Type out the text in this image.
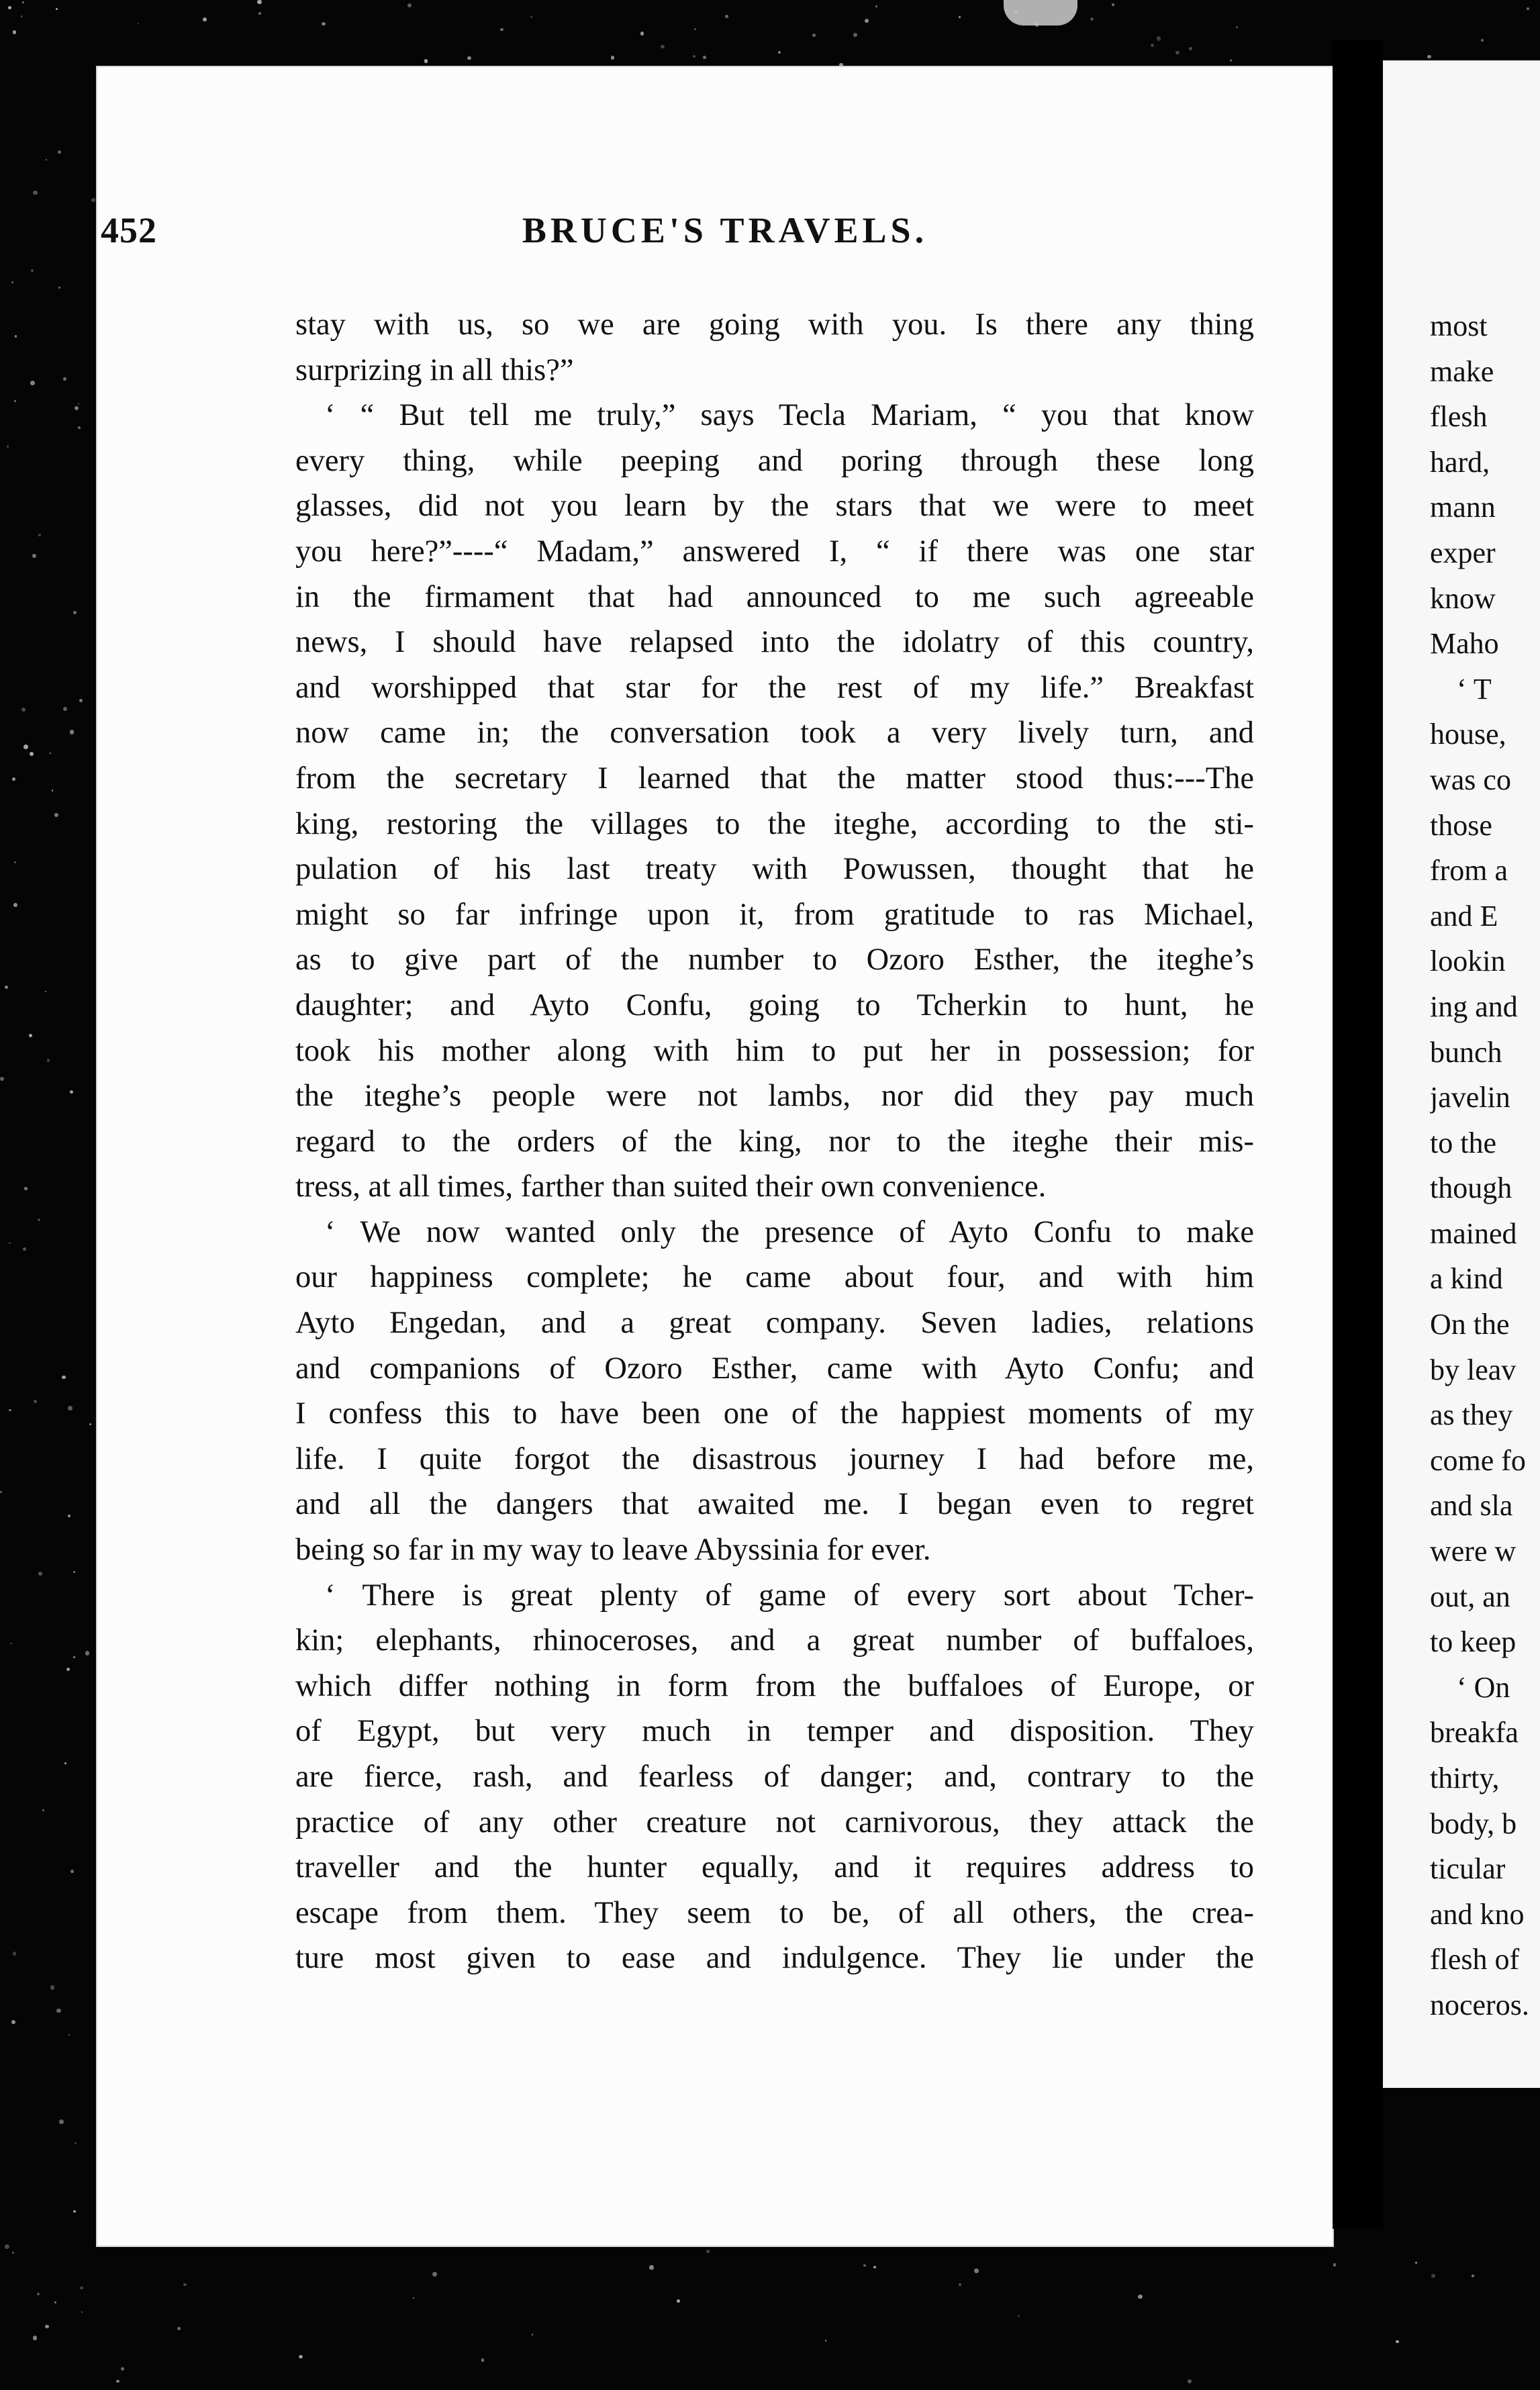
452	BRUCE'S TRAVELS.
stay with us, so we are going with you. Is there any thing
surprizing in all this?”
‘ “ But tell me truly,” says Tecla Mariam, “ you that know
every thing, while peeping and poring through these long
glasses, did not you learn by the stars that we were to meet
you here?”----“ Madam,” answered I, “ if there was one star
in the firmament that had announced to me such agreeable
news, I should have relapsed into the idolatry of this country,
and worshipped that star for the rest of my life.” Breakfast
now came in; the conversation took a very lively turn, and
from the secretary I learned that the matter stood thus:---The
king, restoring the villages to the iteghe, according to the sti-
pulation of his last treaty with Powussen, thought that he
might so far infringe upon it, from gratitude to ras Michael,
as to give part of the number to Ozoro Esther, the iteghe’s
daughter; and Ayto Confu, going to Tcherkin to hunt, he
took his mother along with him to put her in possession; for
the iteghe’s people were not lambs, nor did they pay much
regard to the orders of the king, nor to the iteghe their mis-
tress, at all times, farther than suited their own convenience.
‘ We now wanted only the presence of Ayto Confu to make
our happiness complete; he came about four, and with him
Ayto Engedan, and a great company. Seven ladies, relations
and companions of Ozoro Esther, came with Ayto Confu; and
I confess this to have been one of the happiest moments of my
life. I quite forgot the disastrous journey I had before me,
and all the dangers that awaited me. I began even to regret
being so far in my way to leave Abyssinia for ever.
‘ There is great plenty of game of every sort about Tcher-
kin; elephants, rhinoceroses, and a great number of buffaloes,
which differ nothing in form from the buffaloes of Europe, or
of Egypt, but very much in temper and disposition. They
are fierce, rash, and fearless of danger; and, contrary to the
practice of any other creature not carnivorous, they attack the
traveller and the hunter equally, and it requires address to
escape from them. They seem to be, of all others, the crea-
ture most given to ease and indulgence. They lie under the
most
make
flesh
hard,
mann
exper
know
Maho
‘ T
house,
was co
those
from a
and E
lookin
ing and
bunch
javelin
to the
though
mained
a kind
On the
by leav
as they
come fo
and sla
were w
out, an
to keep
‘ On
breakfa
thirty,
body, b
ticular
and kno
flesh of
noceros.
